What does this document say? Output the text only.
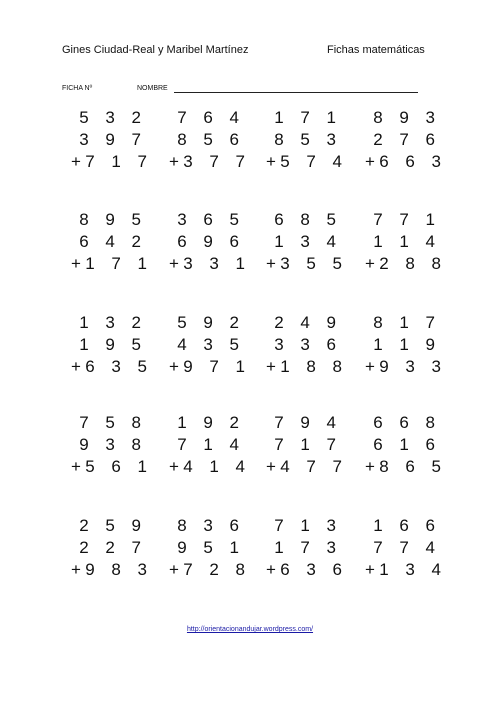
Gines Ciudad-Real y Maribel Martínez	Fichas matemáticas
FICHA Nº	NOMBRE
5 3 2
3 9 7
+ 7 1 7
7 6 4
8 5 6
+ 3 7 7
1 7 1
8 5 3
+ 5 7 4
8 9 3
2 7 6
+ 6 6 3
8 9 5
6 4 2
+ 1 7 1
3 6 5
6 9 6
+ 3 3 1
6 8 5
1 3 4
+ 3 5 5
7 7 1
1 1 4
+ 2 8 8
1 3 2
1 9 5
+ 6 3 5
5 9 2
4 3 5
+ 9 7 1
2 4 9
3 3 6
+ 1 8 8
8 1 7
1 1 9
+ 9 3 3
7 5 8
9 3 8
+ 5 6 1
1 9 2
7 1 4
+ 4 1 4
7 9 4
7 1 7
+ 4 7 7
6 6 8
6 1 6
+ 8 6 5
2 5 9
2 2 7
+ 9 8 3
8 3 6
9 5 1
+ 7 2 8
7 1 3
1 7 3
+ 6 3 6
1 6 6
7 7 4
+ 1 3 4
http://orientacionandujar.wordpress.com/
